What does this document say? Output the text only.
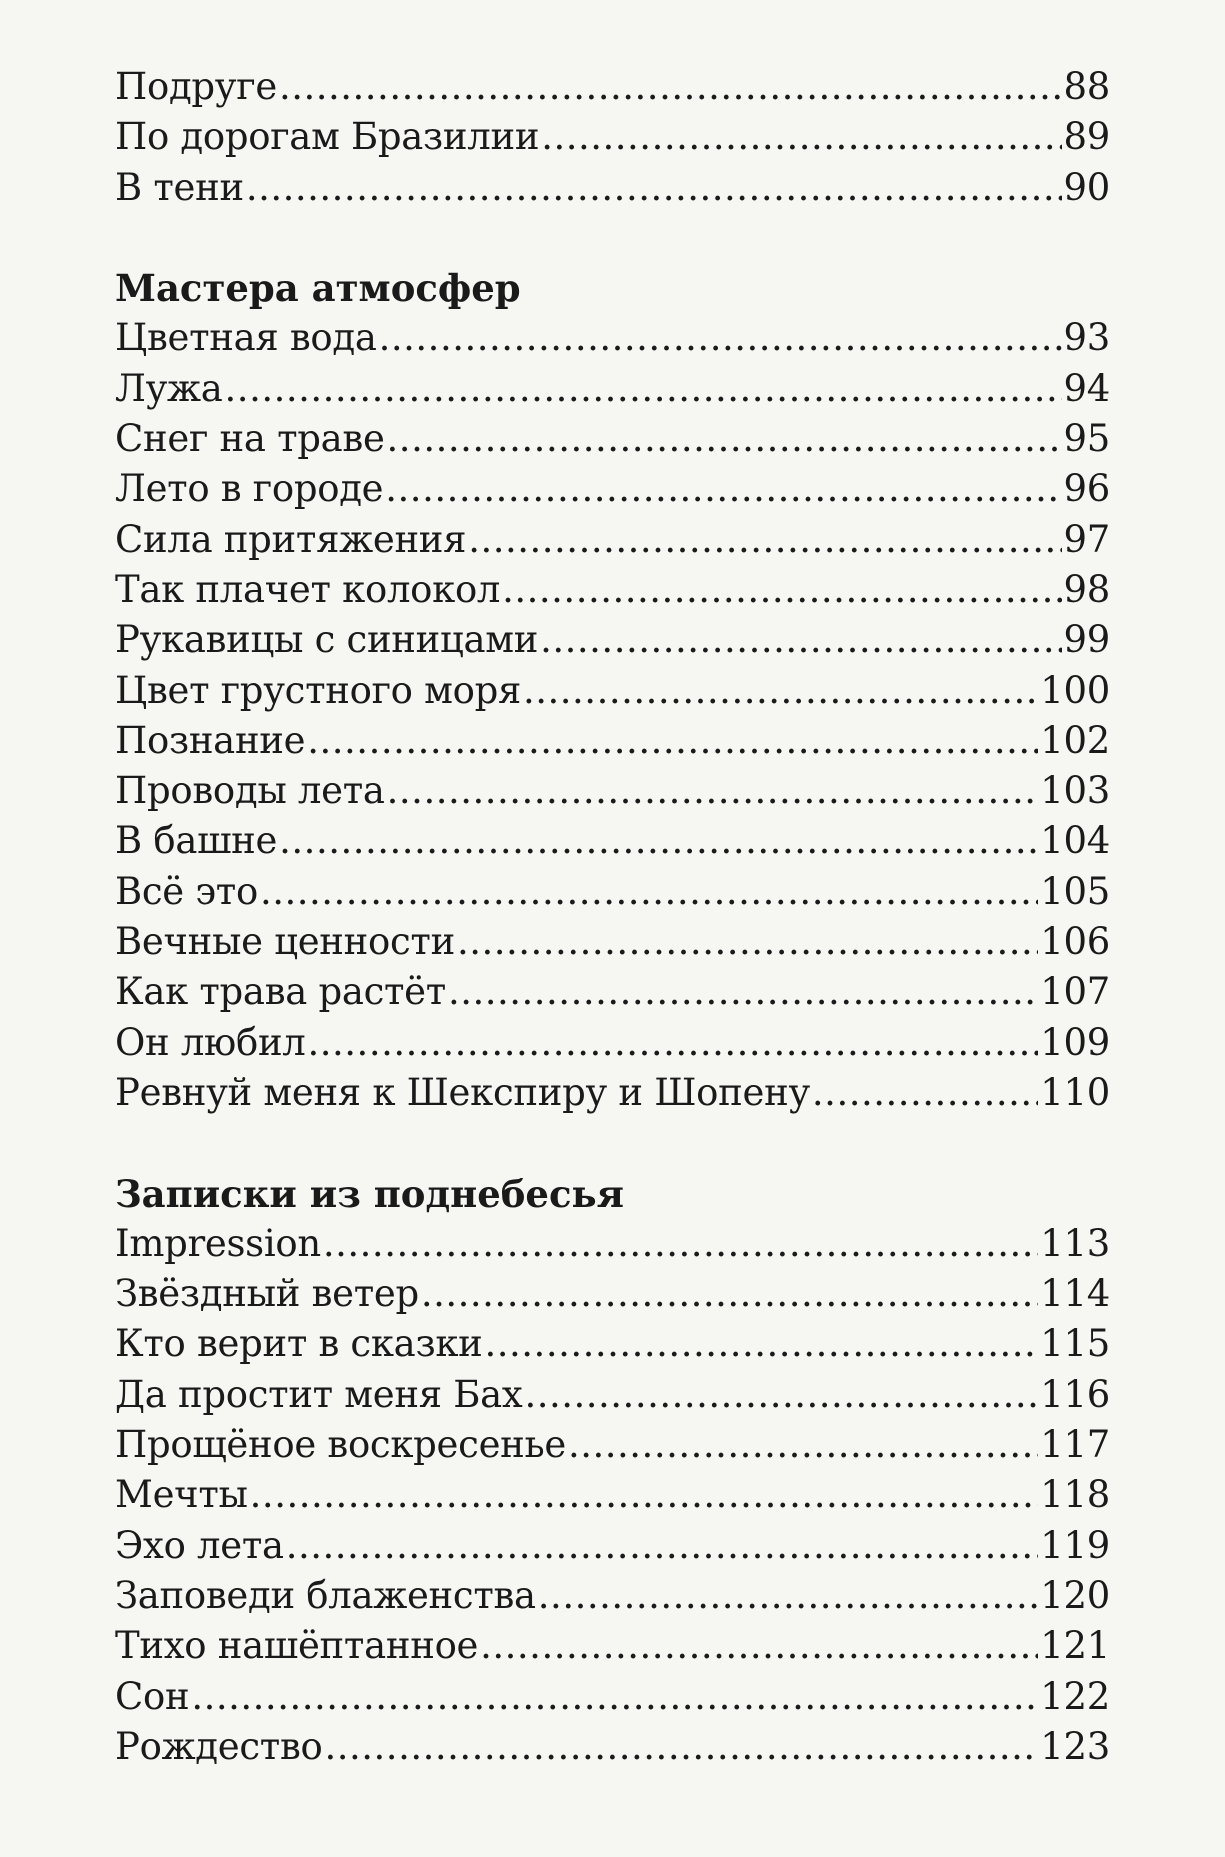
Подруге .....	88
По дорогам Бразилии .....	89
В тени .....	90
Мастера атмосфер
Цветная вода .....	93
Лужа .....	94
Снег на траве .....	95
Лето в городе .....	96
Сила притяжения .....	97
Так плачет колокол .....	98
Рукавицы с синицами .....	99
Цвет грустного моря .....	100
Познание .....	102
Проводы лета .....	103
В башне .....	104
Всё это .....	105
Вечные ценности .....	106
Как трава растёт .....	107
Он любил .....	109
Ревнуй меня к Шекспиру и Шопену .....	110
Записки из поднебесья
Impression .....	113
Звёздный ветер .....	114
Кто верит в сказки .....	115
Да простит меня Бах .....	116
Прощёное воскресенье .....	117
Мечты .....	118
Эхо лета .....	119
Заповеди блаженства .....	120
Тихо нашёптанное .....	121
Сон .....	122
Рождество .....	123
